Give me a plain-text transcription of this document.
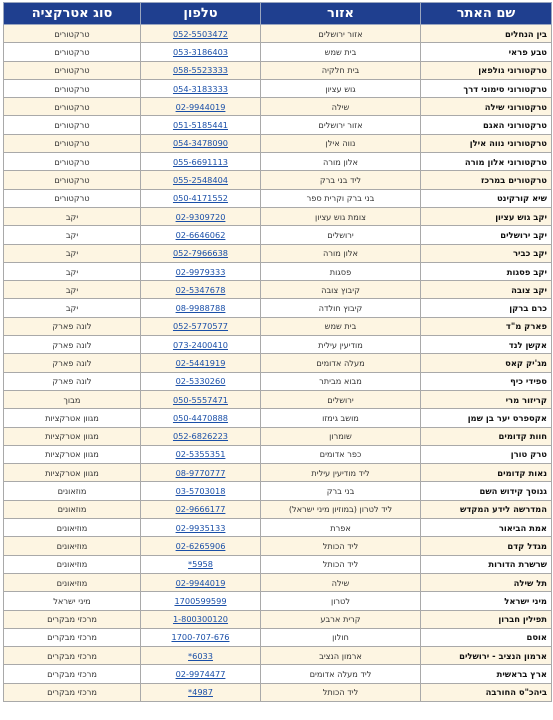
שם האתר	אזור	טלפון	סוג אטרקציה
בין הנחלים	אזור ירושלים	052-5503472	טרקטורים
טבע פראי	בית שמש	053-3186403	טרקטורים
טרקטורוני גולפאן	בית חלקיה	058-5523333	טרקטורים
טרקטורוני סימוני דרך	גוש עציון	054-3183333	טרקטורים
טרקטורוני שילה	שילה	02-9944019	טרקטורים
טרקטורוני האגם	אזור ירושלים	051-5185441	טרקטורים
טרקטורוני נווה אילן	נווה אילן	054-3478090	טרקטורים
טרקטורוני אלון מורה	אלון מורה	055-6691113	טרקטורים
טרקטורים במרכז	ליד בני ברק	055-2548404	טרקטורים
שיא קורקינט	בני ברק וקרית ספר	050-4171552	טרקטורים
יקב גוש עציון	צומת גוש עציון	02-9309720	יקב
יקב ירושלים	ירושלים	02-6646062	יקב
יקב כביר	אלון מורה	052-7966638	יקב
יקב פסגות	פסגות	02-9979333	יקב
יקב צובה	קיבוץ צובה	02-5347678	יקב
כרם ברקן	קיבוץ חולדה	08-9988788	יקב
פארק מ"ד	בית שמש	052-5770577	לונה פארק
אקשן לנד	מודיעין עילית	073-2400410	לונה פארק
מג'יק קאס	מעלה אדומים	02-5441919	לונה פארק
ספידי כיף	מבוא מביתר	02-5330260	לונה פארק
קריזור מרי	ירושלים	050-5557471	מבוך
אקספרס יער בן שמן	מושב גימזו	050-4470888	מגוון אטרקציות
חוות קדומים	שומרון	052-6826223	מגוון אטרקציות
טרק טורן	כפר אדומים	02-5355351	מגוון אטרקציות
נאות קדומים	ליד מודיעין עילית	08-9770777	מגוון אטרקציות
גנוסך קידוש השם	בני ברק	03-5703018	מוזאונים
המדרשה לידע המקדש	ליד לטרון (במוזיון מיני ישראל)	02-9666177	מוזאונים
אמת הביאור	אפרת	02-9935133	מוזיאונים
מגדל קדם	ליד הכותל	02-6265906	מוזיאונים
שרשרת הדורות	ליד הכותל	*5958	מוזיאונים
תל שילה	שילה	02-9944019	מוזיאונים
מיני ישראל	לטרון	1700599599	מיני ישראל
תפילין חברון	קרית ארבע	1-800300120	מרכזי מבקרים
אוסם	חולון	1700-707-676	מרכזי מבקרים
ארמון הנציב - ירושלים	ארמון הנציב	*6033	מרכזי מבקרים
ארץ בראשית	ליד מעלה אדומים	02-9974477	מרכזי מבקרים
ביהכ"ס החורבה	ליד הכותל	*4987	מרכזי מבקרים
